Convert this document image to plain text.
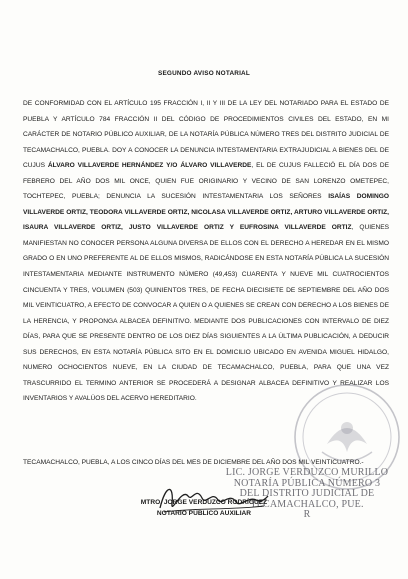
SEGUNDO AVISO NOTARIAL
DE CONFORMIDAD CON EL ARTÍCULO 195 FRACCIÓN I, II Y III DE LA LEY DEL NOTARIADO PARA EL ESTADO DE PUEBLA Y ARTÍCULO 784 FRACCIÓN II DEL CÓDIGO DE PROCEDIMIENTOS CIVILES DEL ESTADO, EN MI CARÁCTER DE NOTARIO PÚBLICO AUXILIAR, DE LA NOTARÍA PÚBLICA NÚMERO TRES DEL DISTRITO JUDICIAL DE TECAMACHALCO, PUEBLA. DOY A CONOCER LA DENUNCIA INTESTAMENTARIA EXTRAJUDICIAL A BIENES DEL DE CUJUS ÁLVARO VILLAVERDE HERNÁNDEZ Y/O ÁLVARO VILLAVERDE, EL DE CUJUS FALLECIÓ EL DÍA DOS DE FEBRERO DEL AÑO DOS MIL ONCE, QUIEN FUE ORIGINARIO Y VECINO DE SAN LORENZO OMETEPEC, TOCHTEPEC, PUEBLA; DENUNCIA LA SUCESIÓN INTESTAMENTARIA LOS SEÑORES ISAÍAS DOMINGO VILLAVERDE ORTIZ, TEODORA VILLAVERDE ORTIZ, NICOLASA VILLAVERDE ORTIZ, ARTURO VILLAVERDE ORTIZ, ISAURA VILLAVERDE ORTIZ, JUSTO VILLAVERDE ORTIZ Y EUFROSINA VILLAVERDE ORTIZ, QUIENES MANIFIESTAN NO CONOCER PERSONA ALGUNA DIVERSA DE ELLOS CON EL DERECHO A HEREDAR EN EL MISMO GRADO O EN UNO PREFERENTE AL DE ELLOS MISMOS, RADICÁNDOSE EN ESTA NOTARÍA PÚBLICA LA SUCESIÓN INTESTAMENTARIA MEDIANTE INSTRUMENTO NÚMERO (49,453) CUARENTA Y NUEVE MIL CUATROCIENTOS CINCUENTA Y TRES, VOLUMEN (503) QUINIENTOS TRES, DE FECHA DIECISIETE DE SEPTIEMBRE DEL AÑO DOS MIL VEINTICUATRO, A EFECTO DE CONVOCAR A QUIEN O A QUIENES SE CREAN CON DERECHO A LOS BIENES DE LA HERENCIA, Y PROPONGA ALBACEA DEFINITIVO. MEDIANTE DOS PUBLICACIONES CON INTERVALO DE DIEZ DÍAS, PARA QUE SE PRESENTE DENTRO DE LOS DIEZ DÍAS SIGUIENTES A LA ÚLTIMA PUBLICACIÓN, A DEDUCIR SUS DERECHOS, EN ESTA NOTARÍA PÚBLICA SITO EN EL DOMICILIO UBICADO EN AVENIDA MIGUEL HIDALGO, NUMERO OCHOCIENTOS NUEVE, EN LA CIUDAD DE TECAMACHALCO, PUEBLA, PARA QUE UNA VEZ TRASCURRIDO EL TERMINO ANTERIOR SE PROCEDERÁ A DESIGNAR ALBACEA DEFINITIVO Y REALIZAR LOS INVENTARIOS Y AVALÚOS DEL ACERVO HEREDITARIO.
TECAMACHALCO, PUEBLA, A LOS CINCO DÍAS DEL MES DE DICIEMBRE DEL AÑO DOS MIL VEINTICUATRO.-
LIC. JORGE VERDUZCO MURILLO
NOTARÍA PÚBLICA NÚMERO 3
DEL DISTRITO JUDICIAL DE
TECAMACHALCO, PUE.
R
MTRO. JORGE VERDUZCO RODRÍGUEZ
NOTARIO PÚBLICO AUXILIAR
